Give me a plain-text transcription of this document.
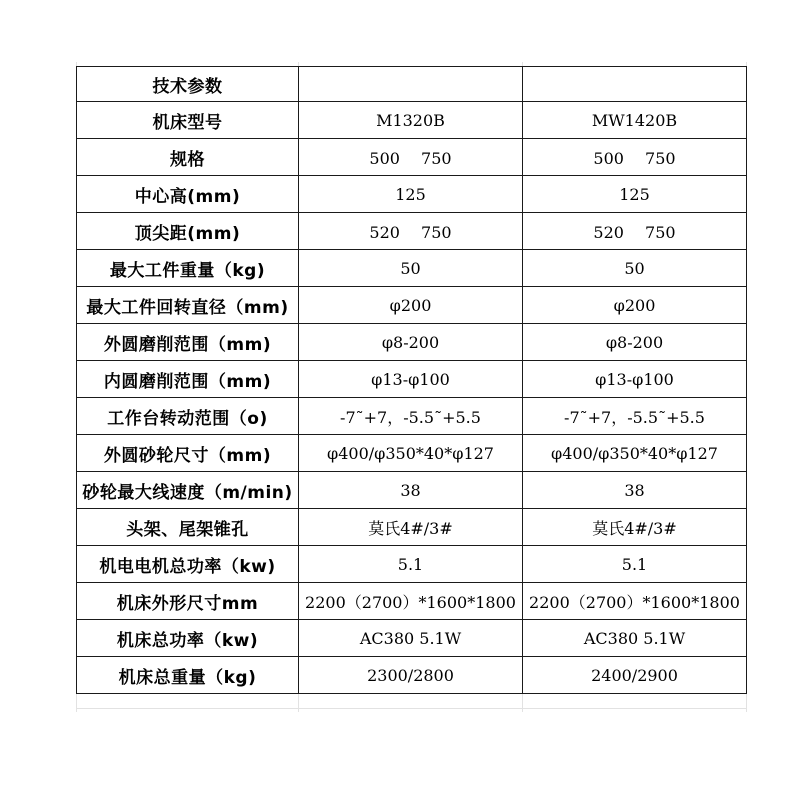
技术参数		
机床型号	M1320B	MW1420B
规格	500　 750	500　 750
中心高(mm)	125	125
顶尖距(mm)	520　 750	520　 750
最大工件重量（kg)	50	50
最大工件回转直径（mm)	φ200	φ200
外圆磨削范围（mm)	φ8-200	φ8-200
内圆磨削范围（mm)	φ13-φ100	φ13-φ100
工作台转动范围（o)	-7˜+7，-5.5˜+5.5	-7˜+7，-5.5˜+5.5
外圆砂轮尺寸（mm)	φ400/φ350*40*φ127	φ400/φ350*40*φ127
砂轮最大线速度（m/min)	38	38
头架、尾架锥孔	莫氏4#/3#	莫氏4#/3#
机电电机总功率（kw)	5.1	5.1
机床外形尺寸mm	2200（2700）*1600*1800	2200（2700）*1600*1800
机床总功率（kw)	AC380 5.1W	AC380 5.1W
机床总重量（kg)	2300/2800	2400/2900
